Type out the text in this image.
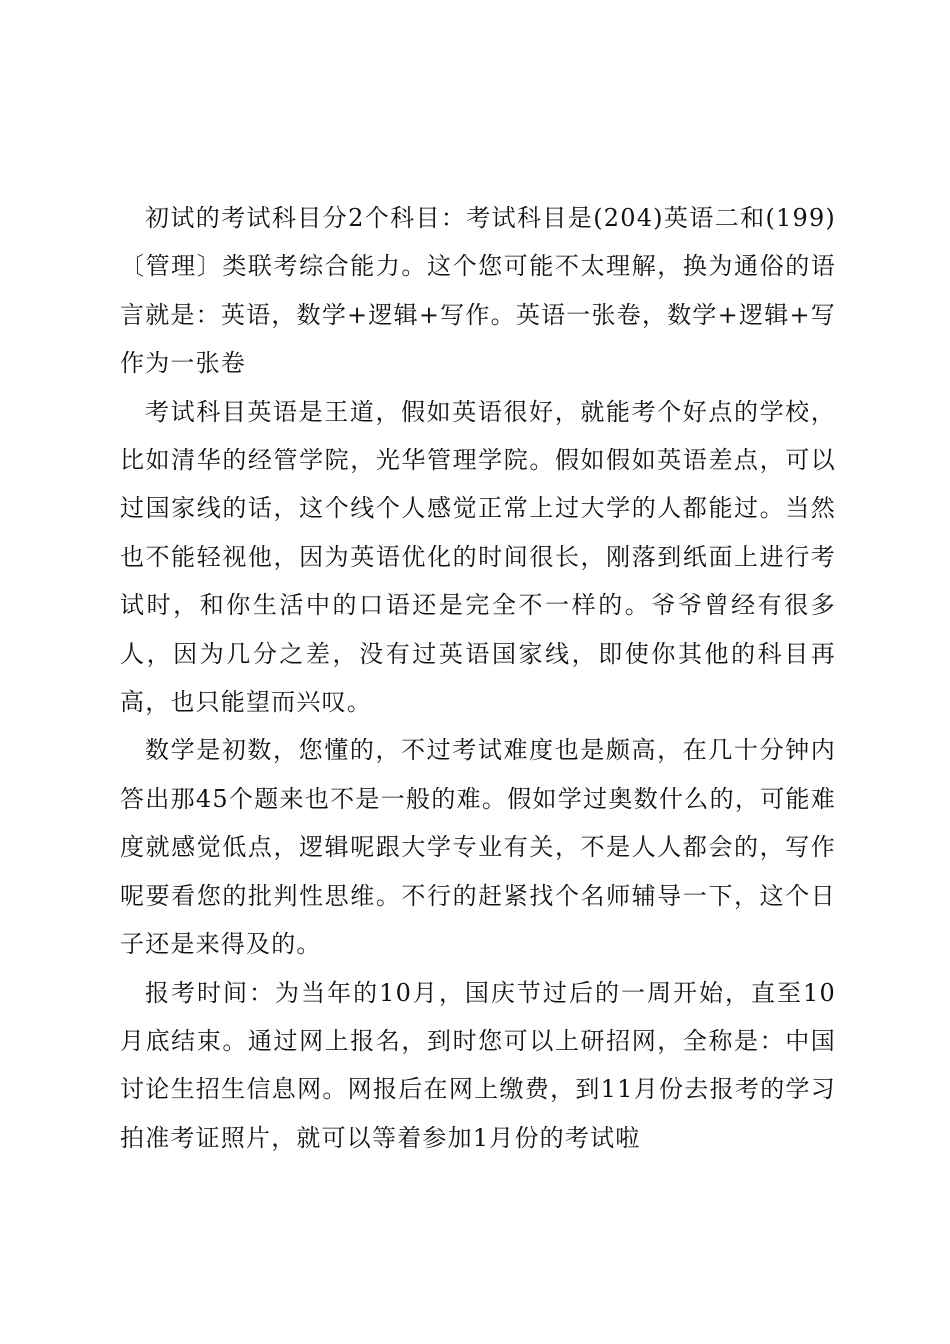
初试的考试科目分2个科目：考试科目是(204)英语二和(199)〔管理〕类联考综合能力。这个您可能不太理解，换为通俗的语言就是：英语，数学+逻辑+写作。英语一张卷，数学+逻辑+写作为一张卷

考试科目英语是王道，假如英语很好，就能考个好点的学校，比如清华的经管学院，光华管理学院。假如假如英语差点，可以过国家线的话，这个线个人感觉正常上过大学的人都能过。当然也不能轻视他，因为英语优化的时间很长，刚落到纸面上进行考试时，和你生活中的口语还是完全不一样的。爷爷曾经有很多人，因为几分之差，没有过英语国家线，即使你其他的科目再高，也只能望而兴叹。

数学是初数，您懂的，不过考试难度也是颇高，在几十分钟内答出那45个题来也不是一般的难。假如学过奥数什么的，可能难度就感觉低点，逻辑呢跟大学专业有关，不是人人都会的，写作呢要看您的批判性思维。不行的赶紧找个名师辅导一下，这个日子还是来得及的。

报考时间：为当年的10月，国庆节过后的一周开始，直至10月底结束。通过网上报名，到时您可以上研招网，全称是：中国讨论生招生信息网。网报后在网上缴费，到11月份去报考的学习拍准考证照片，就可以等着参加1月份的考试啦
